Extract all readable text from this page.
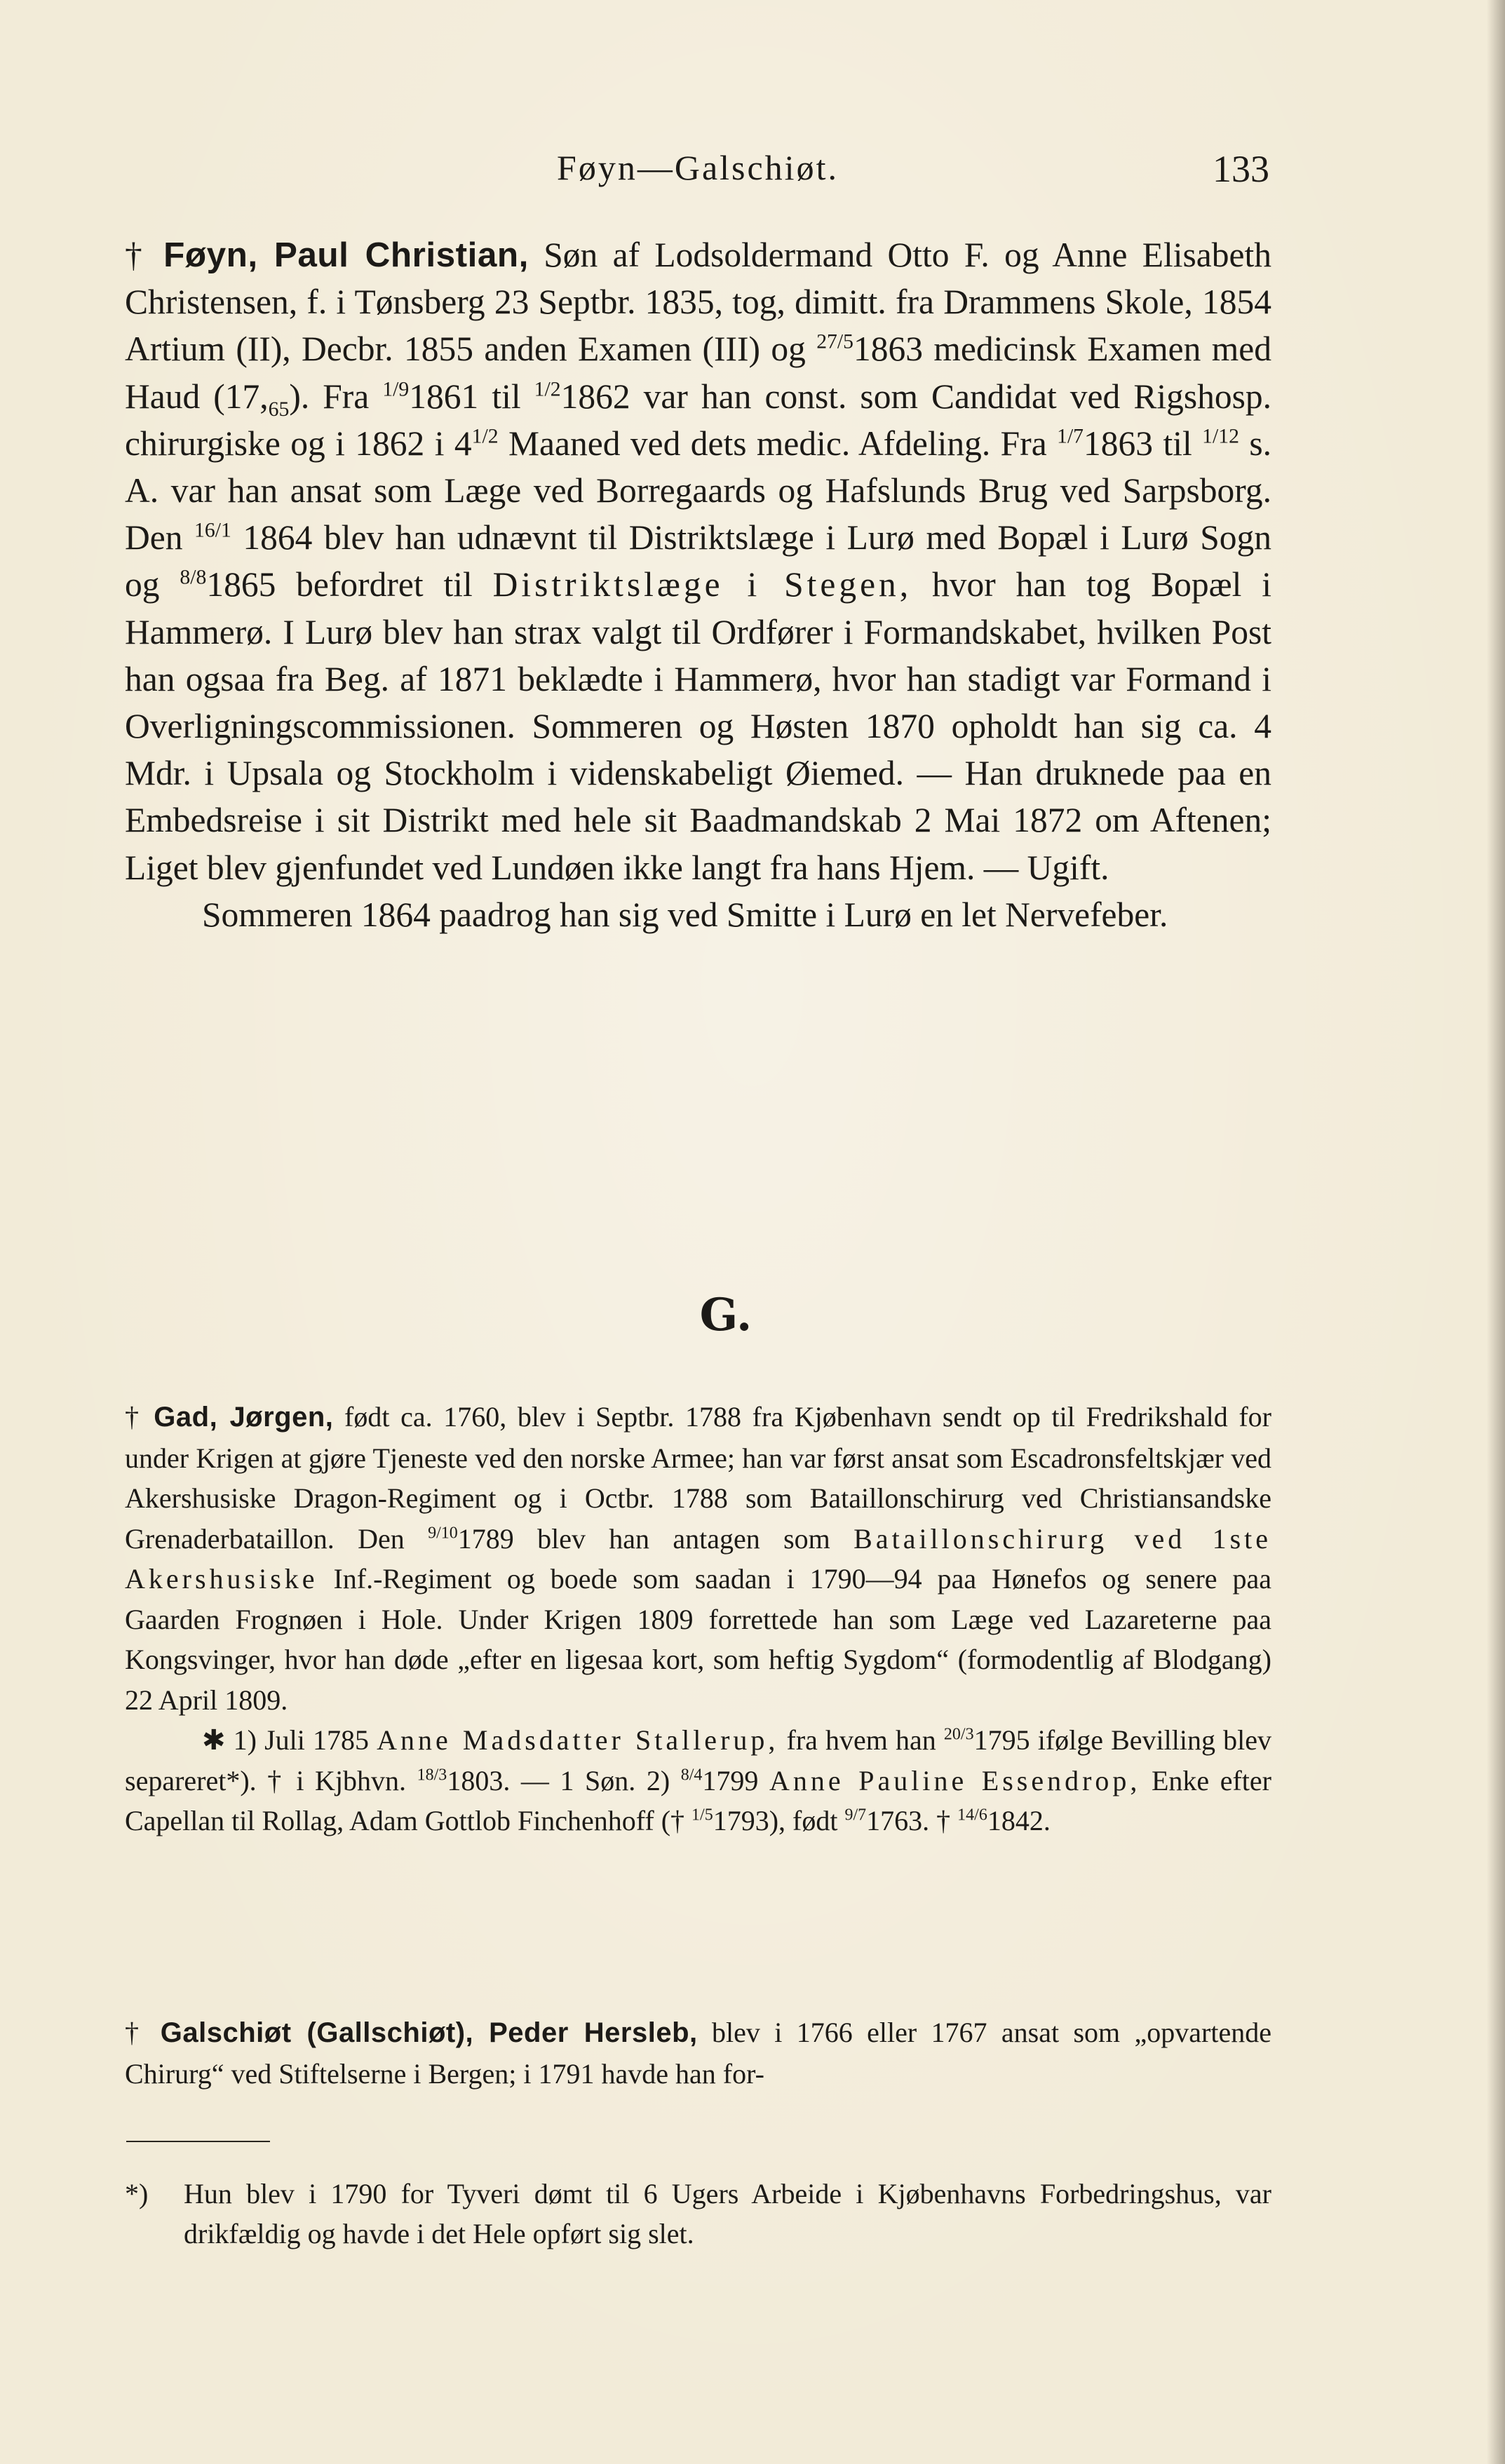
Føyn—Galschiøt.	133

† Føyn, Paul Christian, Søn af Lodsoldermand Otto F. og Anne Elisabeth Christensen, f. i Tønsberg 23 Septbr. 1835, tog, dimitt. fra Drammens Skole, 1854 Artium (II), Decbr. 1855 anden Examen (III) og $^{27/5}$1863 medicinsk Examen med Haud $(17,_{65})$. Fra $^{1/9}$1861 til $^{1/2}$1862 var han const. som Candidat ved Rigshosp. chirurgiske og i 1862 i $4^{1/2}$ Maaned ved dets medic. Afdeling. Fra $^{1/7}$1863 til $^{1/12}$ s. A. var han ansat som Læge ved Borregaards og Hafslunds Brug ved Sarpsborg. Den $^{16/1}$ 1864 blev han udnævnt til Distriktslæge i Lurø med Bopæl i Lurø Sogn og $^{8/8}$1865 befordret til Distriktslæge i Stegen, hvor han tog Bopæl i Hammerø. I Lurø blev han strax valgt til Ordfører i Formandskabet, hvilken Post han ogsaa fra Beg. af 1871 beklædte i Hammerø, hvor han stadigt var Formand i Overligningscommissionen. Sommeren og Høsten 1870 opholdt han sig ca. 4 Mdr. i Upsala og Stockholm i videnskabeligt Øiemed. — Han druknede paa en Embedsreise i sit Distrikt med hele sit Baadmandskab 2 Mai 1872 om Aftenen; Liget blev gjenfundet ved Lundøen ikke langt fra hans Hjem. — Ugift.

Sommeren 1864 paadrog han sig ved Smitte i Lurø en let Nervefeber.

G.

† Gad, Jørgen, født ca. 1760, blev i Septbr. 1788 fra Kjøbenhavn sendt op til Fredrikshald for under Krigen at gjøre Tjeneste ved den norske Armee; han var først ansat som Escadronsfeltskjær ved Akershusiske Dragon-Regiment og i Octbr. 1788 som Bataillonschirurg ved Christiansandske Grenaderbataillon. Den $^{9/10}$1789 blev han antagen som Bataillonschirurg ved 1ste Akershusiske Inf.-Regiment og boede som saadan i 1790—94 paa Hønefos og senere paa Gaarden Frognøen i Hole. Under Krigen 1809 forrettede han som Læge ved Lazareterne paa Kongsvinger, hvor han døde „efter en ligesaa kort, som heftig Sygdom“ (formodentlig af Blodgang) 22 April 1809.

✱ 1) Juli 1785 Anne Madsdatter Stallerup, fra hvem han $^{20/3}$1795 ifølge Bevilling blev separeret*). † i Kjbhvn. $^{18/3}$1803. — 1 Søn. 2) $^{8/4}$1799 Anne Pauline Essendrop, Enke efter Capellan til Rollag, Adam Gottlob Finchenhoff († $^{1/5}$1793), født $^{9/7}$1763. † $^{14/6}$1842.

† Galschiøt (Gallschiøt), Peder Hersleb, blev i 1766 eller 1767 ansat som „opvartende Chirurg“ ved Stiftelserne i Bergen; i 1791 havde han for-

*) Hun blev i 1790 for Tyveri dømt til 6 Ugers Arbeide i Kjøbenhavns Forbedringshus, var drikfældig og havde i det Hele opført sig slet.
